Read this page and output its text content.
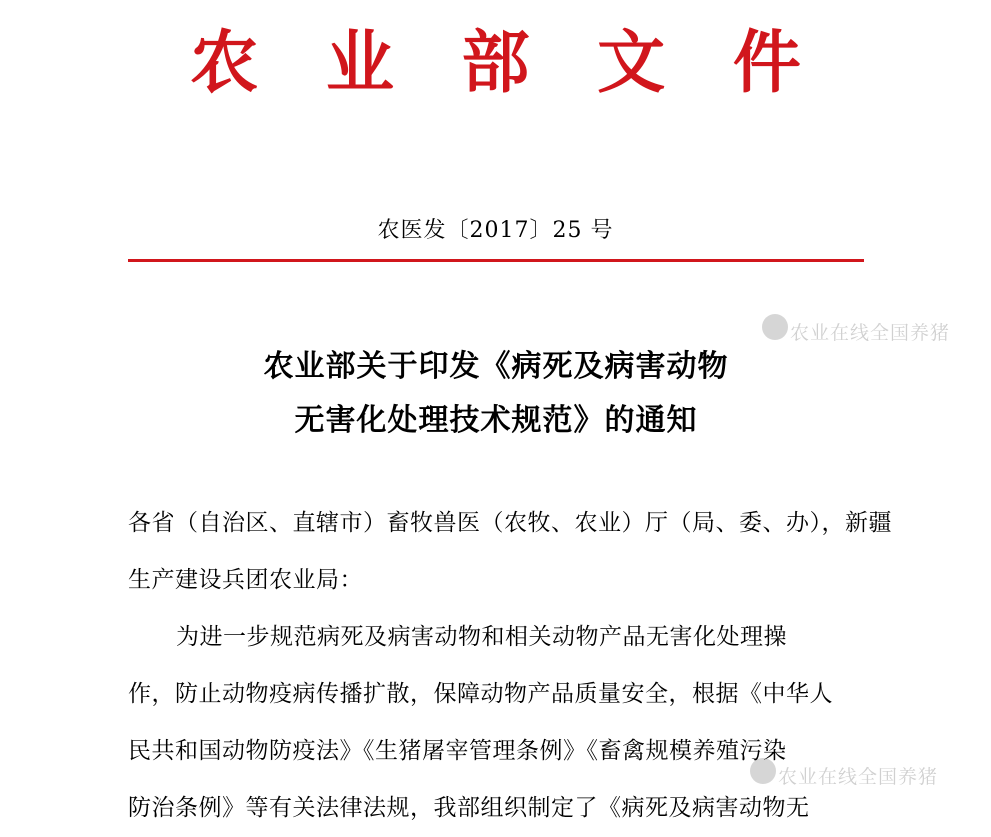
农 业 部 文 件
农医发〔2017〕25 号
农业部关于印发《病死及病害动物
无害化处理技术规范》的通知

各省（自治区、直辖市）畜牧兽医（农牧、农业）厅（局、委、办），新疆

生产建设兵团农业局：

为进一步规范病死及病害动物和相关动物产品无害化处理操

作，防止动物疫病传播扩散，保障动物产品质量安全，根据《中华人

民共和国动物防疫法》《生猪屠宰管理条例》《畜禽规模养殖污染

防治条例》等有关法律法规，我部组织制定了《病死及病害动物无

农业在线全国养猪
农业在线全国养猪
